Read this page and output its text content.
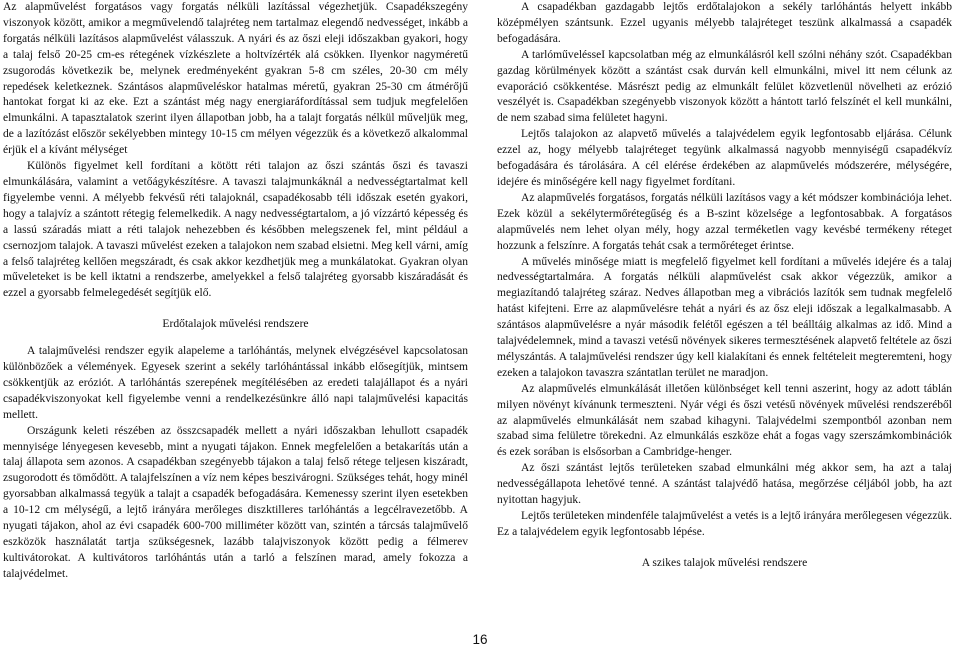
Az alapművelést forgatásos vagy forgatás nélküli lazítással végezhetjük. Csapadékszegény viszonyok között, amikor a megművelendő talajréteg nem tartalmaz elegendő nedvességet, inkább a forgatás nélküli lazításos alapművelést válasszuk. A nyári és az őszi eleji időszakban gyakori, hogy a talaj felső 20-25 cm-es rétegének vízkészlete a holtvízérték alá csökken. Ilyenkor nagyméretű zsugorodás következik be, melynek eredményeként gyakran 5-8 cm széles, 20-30 cm mély repedések keletkeznek. Szántásos alapműveléskor hatalmas méretű, gyakran 25-30 cm átmérőjű hantokat forgat ki az eke. Ezt a szántást még nagy energiaráfordítással sem tudjuk megfelelően elmunkálni. A tapasztalatok szerint ilyen állapotban jobb, ha a talajt forgatás nélkül műveljük meg, de a lazítózást először sekélyebben mintegy 10-15 cm mélyen végezzük és a következő alkalommal érjük el a kívánt mélységet

Különös figyelmet kell fordítani a kötött réti talajon az őszi szántás őszi és tavaszi elmunkálására, valamint a vetőágykészítésre. A tavaszi talajmunkáknál a nedvességtartalmat kell figyelembe venni. A mélyebb fekvésű réti talajoknál, csapadékosabb téli időszak esetén gyakori, hogy a talajvíz a szántott rétegig felemelkedik. A nagy nedvességtartalom, a jó vízzártó képesség és a lassú száradás miatt a réti talajok nehezebben és későbben melegszenek fel, mint például a csernozjom talajok. A tavaszi művelést ezeken a talajokon nem szabad elsietni. Meg kell várni, amíg a felső talajréteg kellően megszáradt, és csak akkor kezdhetjük meg a munkálatokat. Gyakran olyan műveleteket is be kell iktatni a rendszerbe, amelyekkel a felső talajréteg gyorsabb kiszáradását és ezzel a gyorsabb felmelegedését segítjük elő.

Erdőtalajok művelési rendszere

A talajművelési rendszer egyik alapeleme a tarlóhántás, melynek elvégzésével kapcsolatosan különbözőek a vélemények. Egyesek szerint a sekély tarlóhántással inkább elősegítjük, mintsem csökkentjük az eróziót. A tarlóhántás szerepének megítélésében az eredeti talajállapot és a nyári csapadékviszonyokat kell figyelembe venni a rendelkezésünkre álló napi talajművelési kapacitás mellett.

Országunk keleti részében az összcsapadék mellett a nyári időszakban lehullott csapadék mennyisége lényegesen kevesebb, mint a nyugati tájakon. Ennek megfelelően a betakarítás után a talaj állapota sem azonos. A csapadékban szegényebb tájakon a talaj felső rétege teljesen kiszáradt, zsugorodott és tömődött. A talajfelszínen a víz nem képes beszivárogni. Szükséges tehát, hogy minél gyorsabban alkalmassá tegyük a talajt a csapadék befogadására. Kemenessy szerint ilyen esetekben a 10-12 cm mélységű, a lejtő irányára merőleges diszktilleres tarlóhántás a legcélravezetőbb. A nyugati tájakon, ahol az évi csapadék 600-700 milliméter között van, szintén a tárcsás talajművelő eszközök használatát tartja szükségesnek, lazább talajviszonyok között pedig a félmerev kultivátorokat. A kultivátoros tarlóhántás után a tarló a felszínen marad, amely fokozza a talajvédelmet.

A csapadékban gazdagabb lejtős erdőtalajokon a sekély tarlóhántás helyett inkább középmélyen szántsunk. Ezzel ugyanis mélyebb talajréteget teszünk alkalmassá a csapadék befogadására.

A tarlóművelésseI kapcsolatban még az elmunkálásról kell szólni néhány szót. Csapadékban gazdag körülmények között a szántást csak durván kell elmunkálni, mivel itt nem célunk az evaporáció csökkentése. Másrészt pedig az elmunkált felület közvetlenül növelheti az erózió veszélyét is. Csapadékban szegényebb viszonyok között a hántott tarló felszínét el kell munkálni, de nem szabad sima felületet hagyni.

Lejtős talajokon az alapvető művelés a talajvédelem egyik legfontosabb eljárása. Célunk ezzel az, hogy mélyebb talajréteget tegyünk alkalmassá nagyobb mennyiségű csapadékvíz befogadására és tárolására. A cél elérése érdekében az alapművelés módszerére, mélységére, idejére és minőségére kell nagy figyelmet fordítani.

Az alapművelés forgatásos, forgatás nélküli lazításos vagy a két módszer kombinációja lehet. Ezek közül a sekélytermőrétegűség és a B-szint közelsége a legfontosabbak. A forgatásos alapművelés nem lehet olyan mély, hogy azzal terméketlen vagy kevésbé termékeny réteget hozzunk a felszínre. A forgatás tehát csak a termőréteget érintse.

A művelés minősége miatt is megfelelő figyelmet kell fordítani a művelés idejére és a talaj nedvességtartalmára. A forgatás nélküli alapművelést csak akkor végezzük, amikor a megiazítandó talajréteg száraz. Nedves állapotban meg a vibrációs lazítók sem tudnak megfelelő hatást kifejteni. Erre az alapművelésre tehát a nyári és az ősz eleji időszak a legalkalmasabb. A szántásos alapművelésre a nyár második felétől egészen a tél beálltáig alkalmas az idő. Mind a talajvédelemnek, mind a tavaszi vetésű növények sikeres termesztésének alapvető feltétele az őszi mélyszántás. A talajművelési rendszer úgy kell kialakítani és ennek feltételeit megteremteni, hogy ezeken a talajokon tavaszra szántatlan terület ne maradjon.

Az alapművelés elmunkálását illetően különbséget kell tenni aszerint, hogy az adott táblán milyen növényt kívánunk termeszteni. Nyár végi és őszi vetésű növények művelési rendszeréből az alapművelés elmunkálását nem szabad kihagyni. Talajvédelmi szempontból azonban nem szabad sima felületre törekedni. Az elmunkálás eszköze ehát a fogas vagy szerszámkombinációk és ezek sorában is elsősorban a Cambridge-henger.

Az őszi szántást lejtős területeken szabad elmunkálni még akkor sem, ha azt a talaj nedvességállapota lehetővé tenné. A szántást talajvédő hatása, megőrzése céljából jobb, ha azt nyitottan hagyjuk.

Lejtős területeken mindenféle talajművelést a vetés is a lejtő irányára merőlegesen végezzük. Ez a talajvédelem egyik legfontosabb lépése.

A szikes talajok művelési rendszere
16
